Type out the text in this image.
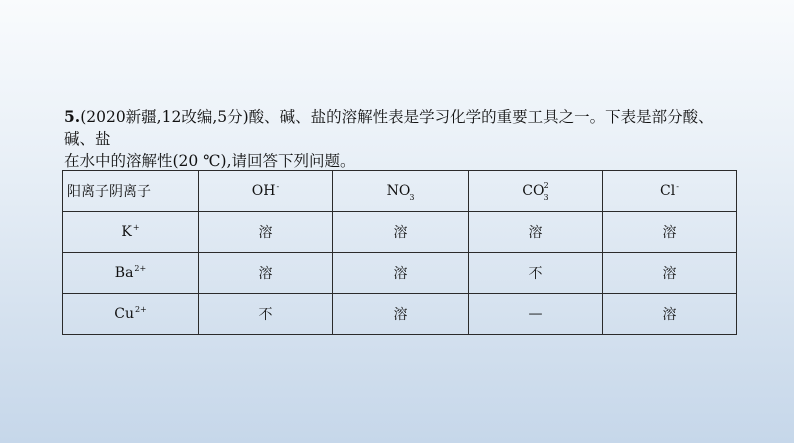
5.(2020新疆,12改编,5分)酸、碱、盐的溶解性表是学习化学的重要工具之一。下表是部分酸、碱、盐
在水中的溶解性(20 ℃),请回答下列问题。
阳离子阴离子	OH-	$NO_3$	$CO_3^2$	Cl-
K+	溶	溶	溶	溶
$Ba^{2+}$	溶	溶	不	溶
$Cu^{2+}$	不	溶	—	溶
